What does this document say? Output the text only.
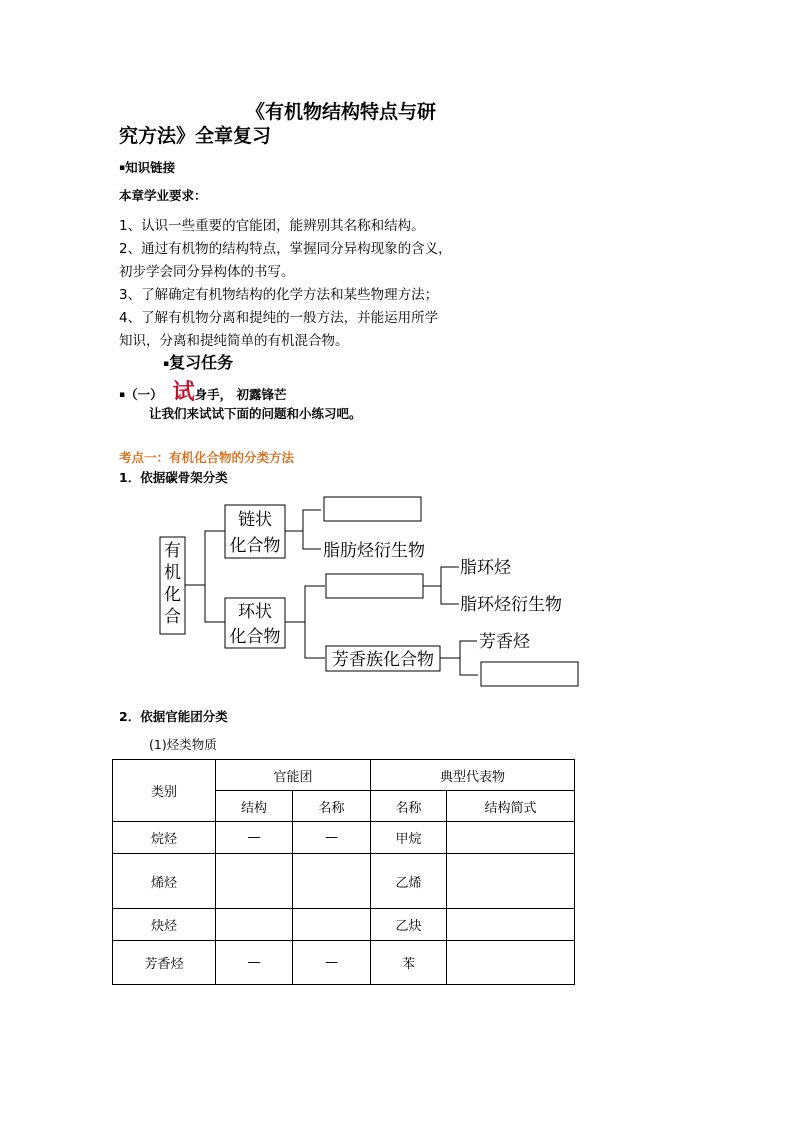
《有机物结构特点与研
究方法》全章复习
▪知识链接
本章学业要求：
1、认识一些重要的官能团，能辨别其名称和结构。
2、通过有机物的结构特点，掌握同分异构现象的含义，
初步学会同分异构体的书写。
3、了解确定有机物结构的化学方法和某些物理方法；
4、了解有机物分离和提纯的一般方法，并能运用所学
知识，分离和提纯简单的有机混合物。
▪复习任务
▪（一） 试身手， 初露锋芒
让我们来试试下面的问题和小练习吧。
考点一：有机化合物的分类方法
1．依据碳骨架分类
有
机
化
合
链状
化合物
环状
化合物
脂肪烃衍生物
脂环烃
脂环烃衍生物
芳香族化合物
芳香烃
2．依据官能团分类
(1)烃类物质
类别	官能团		典型代表物	
	结构	名称	名称	结构简式
烷烃	—	—	甲烷	
烯烃			乙烯	
炔烃			乙炔	
芳香烃	—	—	苯	
